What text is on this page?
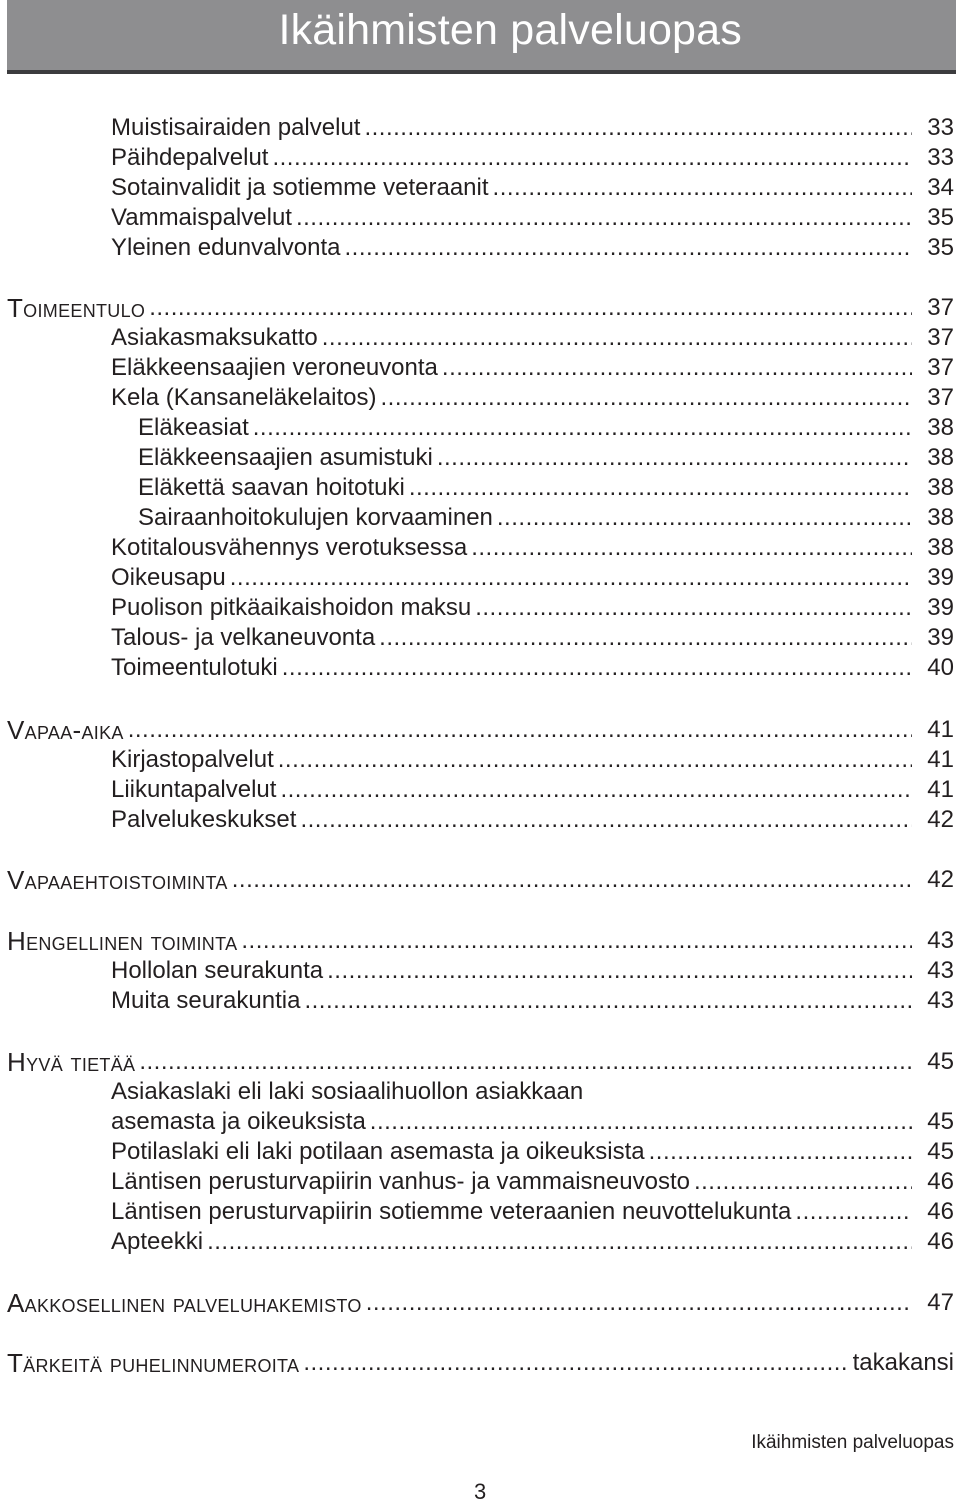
Ikäihmisten palveluopas
Muistisairaiden palvelut .....	33
Päihdepalvelut .....	33
Sotainvalidit ja sotiemme veteraanit .....	34
Vammaispalvelut .....	35
Yleinen edunvalvonta .....	35
Toimeentulo .....	37
Asiakasmaksukatto .....	37
Eläkkeensaajien veroneuvonta .....	37
Kela (Kansaneläkelaitos) .....	37
Eläkeasiat .....	38
Eläkkeensaajien asumistuki .....	38
Eläkettä saavan hoitotuki .....	38
Sairaanhoitokulujen korvaaminen .....	38
Kotitalousvähennys verotuksessa .....	38
Oikeusapu .....	39
Puolison pitkäaikaishoidon maksu .....	39
Talous- ja velkaneuvonta .....	39
Toimeentulotuki .....	40
Vapaa-aika .....	41
Kirjastopalvelut .....	41
Liikuntapalvelut .....	41
Palvelukeskukset .....	42
Vapaaehtoistoiminta .....	42
Hengellinen toiminta .....	43
Hollolan seurakunta .....	43
Muita seurakuntia .....	43
Hyvä tietää .....	45
Asiakaslaki eli laki sosiaalihuollon asiakkaan
asemasta ja oikeuksista .....	45
Potilaslaki eli laki potilaan asemasta ja oikeuksista .....	45
Läntisen perusturvapiirin vanhus- ja vammaisneuvosto .....	46
Läntisen perusturvapiirin sotiemme veteraanien neuvottelukunta .....	46
Apteekki .....	46
Aakkosellinen palveluhakemisto .....	47
Tärkeitä puhelinnumeroita .....	takakansi
Ikäihmisten palveluopas
3
